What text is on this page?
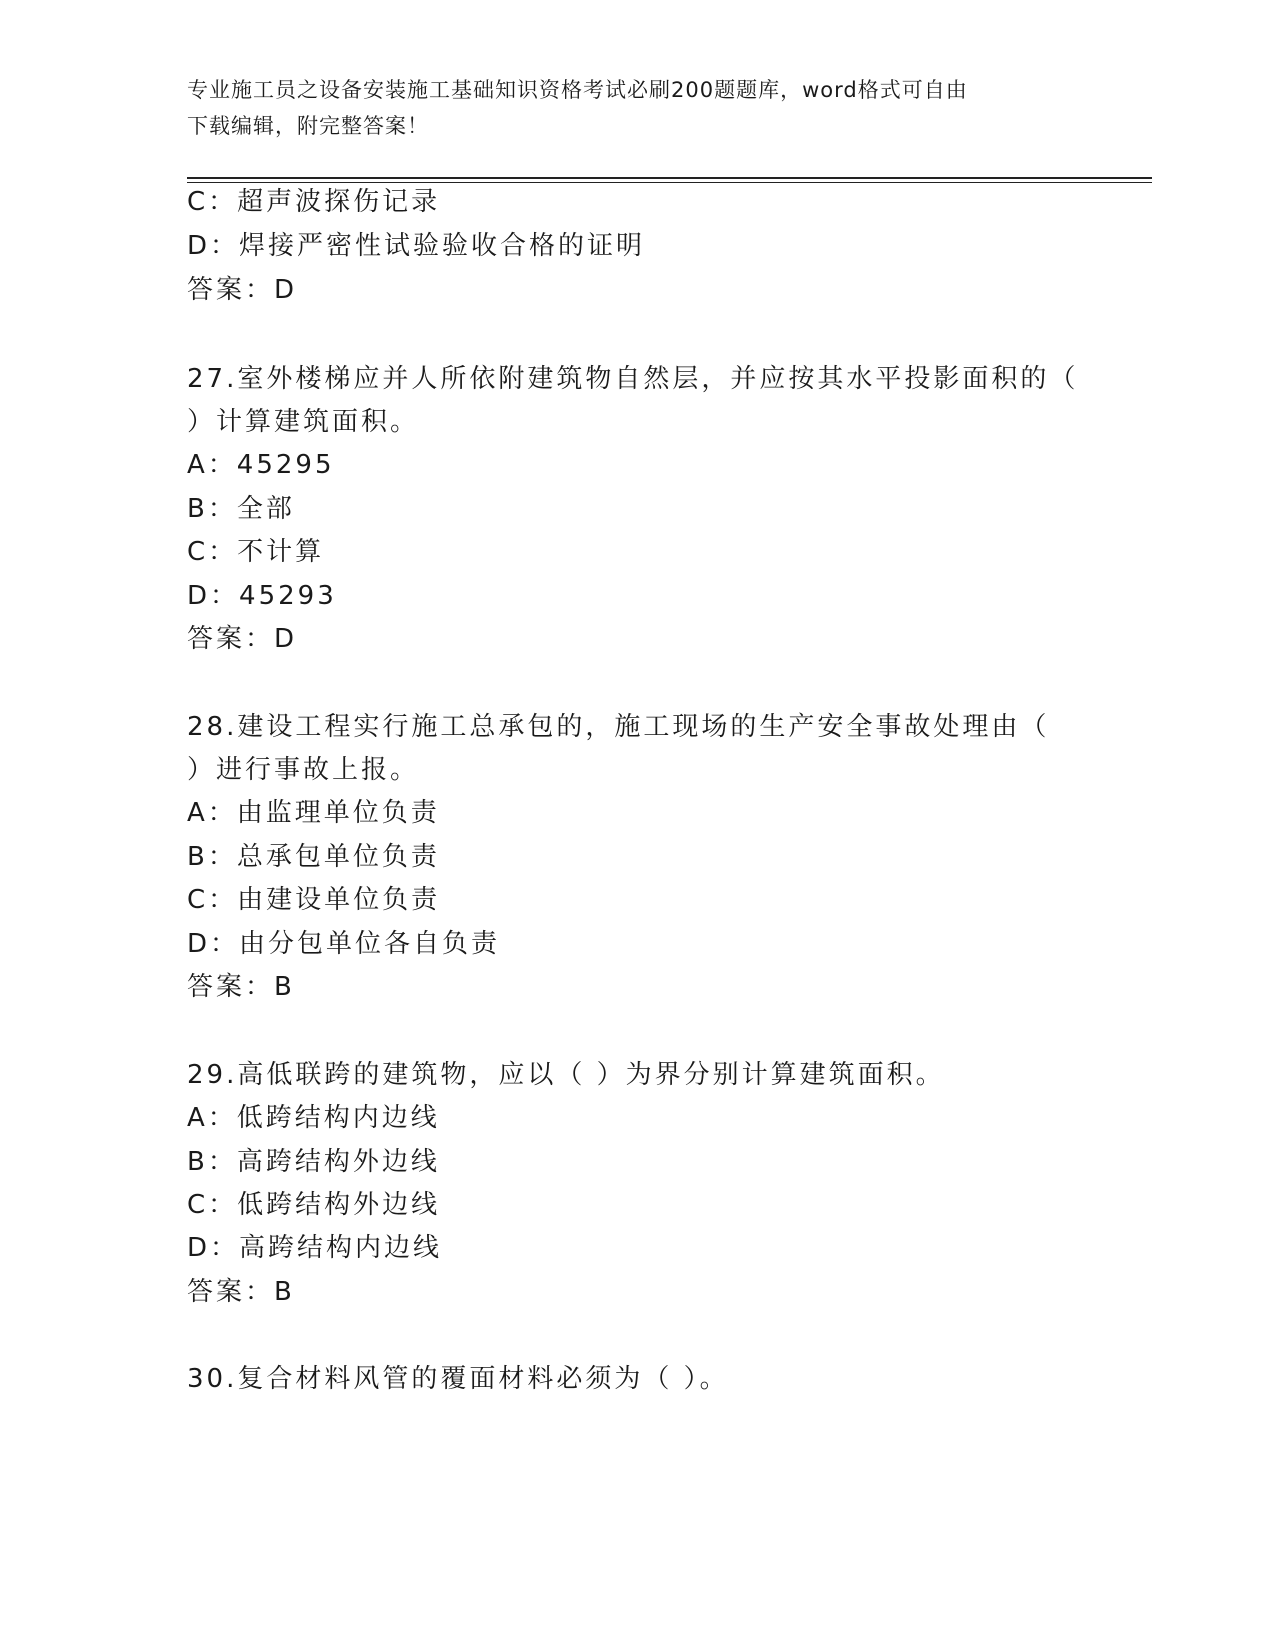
专业施工员之设备安装施工基础知识资格考试必刷200题题库，word格式可自由
下载编辑，附完整答案！
C：超声波探伤记录
D：焊接严密性试验验收合格的证明
答案：D
27.室外楼梯应并人所依附建筑物自然层，并应按其水平投影面积的（
）计算建筑面积。
A：45295
B：全部
C：不计算
D：45293
答案：D
28.建设工程实行施工总承包的，施工现场的生产安全事故处理由（
）进行事故上报。
A：由监理单位负责
B：总承包单位负责
C：由建设单位负责
D：由分包单位各自负责
答案：B
29.高低联跨的建筑物，应以（ ）为界分别计算建筑面积。
A：低跨结构内边线
B：高跨结构外边线
C：低跨结构外边线
D：高跨结构内边线
答案：B
30.复合材料风管的覆面材料必须为（ ）。
